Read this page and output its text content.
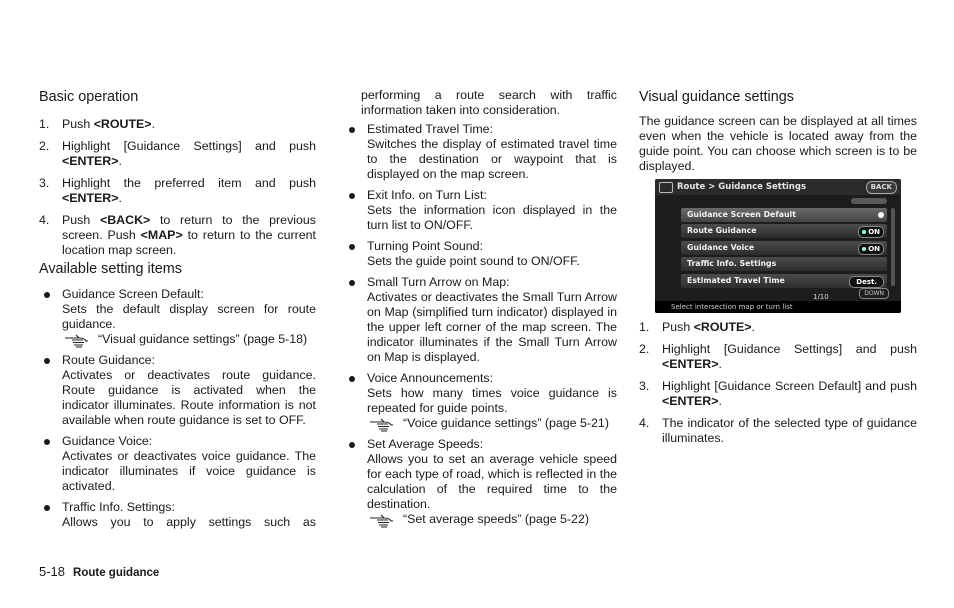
Basic operation
1. Push <ROUTE>.
2. Highlight [Guidance Settings] and push <ENTER>.
3. Highlight the preferred item and push <ENTER>.
4. Push <BACK> to return to the previous screen. Push <MAP> to return to the current location map screen.
Available setting items
Guidance Screen Default:
Sets the default display screen for route guidance.
“Visual guidance settings” (page 5-18)
Route Guidance:
Activates or deactivates route guidance. Route guidance is activated when the indicator illuminates. Route information is not available when route guidance is set to OFF.
Guidance Voice:
Activates or deactivates voice guidance. The indicator illuminates if voice guidance is activated.
Traffic Info. Settings:
Allows you to apply settings such as
performing a route search with traffic information taken into consideration.
Estimated Travel Time:
Switches the display of estimated travel time to the destination or waypoint that is displayed on the map screen.
Exit Info. on Turn List:
Sets the information icon displayed in the turn list to ON/OFF.
Turning Point Sound:
Sets the guide point sound to ON/OFF.
Small Turn Arrow on Map:
Activates or deactivates the Small Turn Arrow on Map (simplified turn indicator) displayed in the upper left corner of the map screen. The indicator illuminates if the Small Turn Arrow on Map is displayed.
Voice Announcements:
Sets how many times voice guidance is repeated for guide points.
“Voice guidance settings” (page 5-21)
Set Average Speeds:
Allows you to set an average vehicle speed for each type of road, which is reflected in the calculation of the required time to the destination.
“Set average speeds” (page 5-22)
Visual guidance settings
The guidance screen can be displayed at all times even when the vehicle is located away from the guide point. You can choose which screen is to be displayed.
Route > Guidance Settings	BACK
Guidance Screen Default
Route Guidance	ON
Guidance Voice	ON
Traffic Info. Settings
Estimated Travel Time	Dest.
1/10	DOWN
Select intersection map or turn list
1. Push <ROUTE>.
2. Highlight [Guidance Settings] and push <ENTER>.
3. Highlight [Guidance Screen Default] and push <ENTER>.
4. The indicator of the selected type of guidance illuminates.
5-18 Route guidance
